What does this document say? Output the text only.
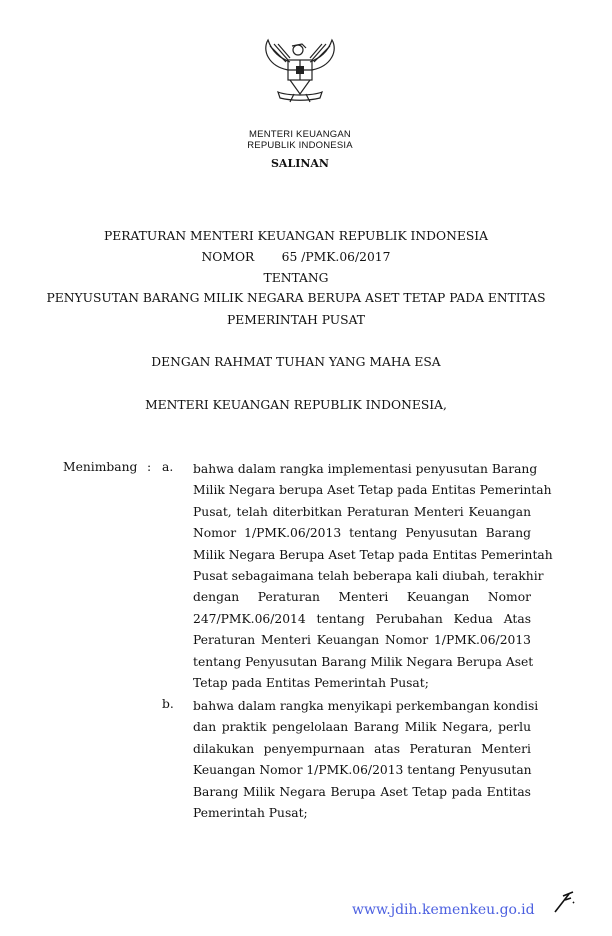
MENTERI KEUANGAN
REPUBLIK INDONESIA
SALINAN
PERATURAN MENTERI KEUANGAN REPUBLIK INDONESIA
NOMOR       65 /PMK.06/2017
TENTANG
PENYUSUTAN BARANG MILIK NEGARA BERUPA ASET TETAP PADA ENTITAS
PEMERINTAH PUSAT
DENGAN RAHMAT TUHAN YANG MAHA ESA
MENTERI KEUANGAN REPUBLIK INDONESIA,
Menimbang : a. bahwa dalam rangka implementasi penyusutan Barang
Milik Negara berupa Aset Tetap pada Entitas Pemerintah
Pusat, telah diterbitkan Peraturan Menteri Keuangan
Nomor 1/PMK.06/2013 tentang Penyusutan Barang
Milik Negara Berupa Aset Tetap pada Entitas Pemerintah
Pusat sebagaimana telah beberapa kali diubah, terakhir
dengan Peraturan Menteri Keuangan Nomor
247/PMK.06/2014 tentang Perubahan Kedua Atas
Peraturan Menteri Keuangan Nomor 1/PMK.06/2013
tentang Penyusutan Barang Milik Negara Berupa Aset
Tetap pada Entitas Pemerintah Pusat;
b. bahwa dalam rangka menyikapi perkembangan kondisi
dan praktik pengelolaan Barang Milik Negara, perlu
dilakukan penyempurnaan atas Peraturan Menteri
Keuangan Nomor 1/PMK.06/2013 tentang Penyusutan
Barang Milik Negara Berupa Aset Tetap pada Entitas
Pemerintah Pusat;
www.jdih.kemenkeu.go.id
